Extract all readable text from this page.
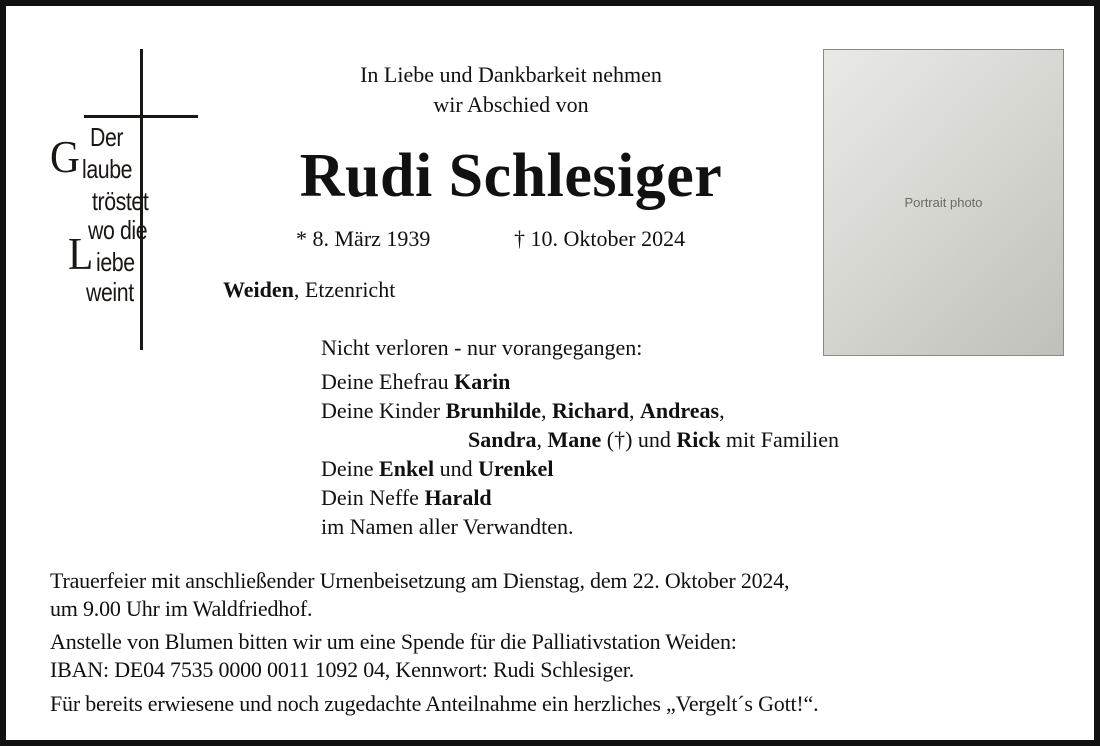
Der
G laube
tröstet
wo die
L iebe
weint
In Liebe und Dankbarkeit nehmen
wir Abschied von
Rudi Schlesiger
* 8. März 1939	† 10. Oktober 2024
Weiden, Etzenricht
Portrait photo
Nicht verloren - nur vorangegangen:
Deine Ehefrau Karin
Deine Kinder Brunhilde, Richard, Andreas,
Sandra, Mane (†) und Rick mit Familien
Deine Enkel und Urenkel
Dein Neffe Harald
im Namen aller Verwandten.
Trauerfeier mit anschließender Urnenbeisetzung am Dienstag, dem 22. Oktober 2024,
um 9.00 Uhr im Waldfriedhof.
Anstelle von Blumen bitten wir um eine Spende für die Palliativstation Weiden:
IBAN: DE04 7535 0000 0011 1092 04, Kennwort: Rudi Schlesiger.
Für bereits erwiesene und noch zugedachte Anteilnahme ein herzliches „Vergelt´s Gott!“.
